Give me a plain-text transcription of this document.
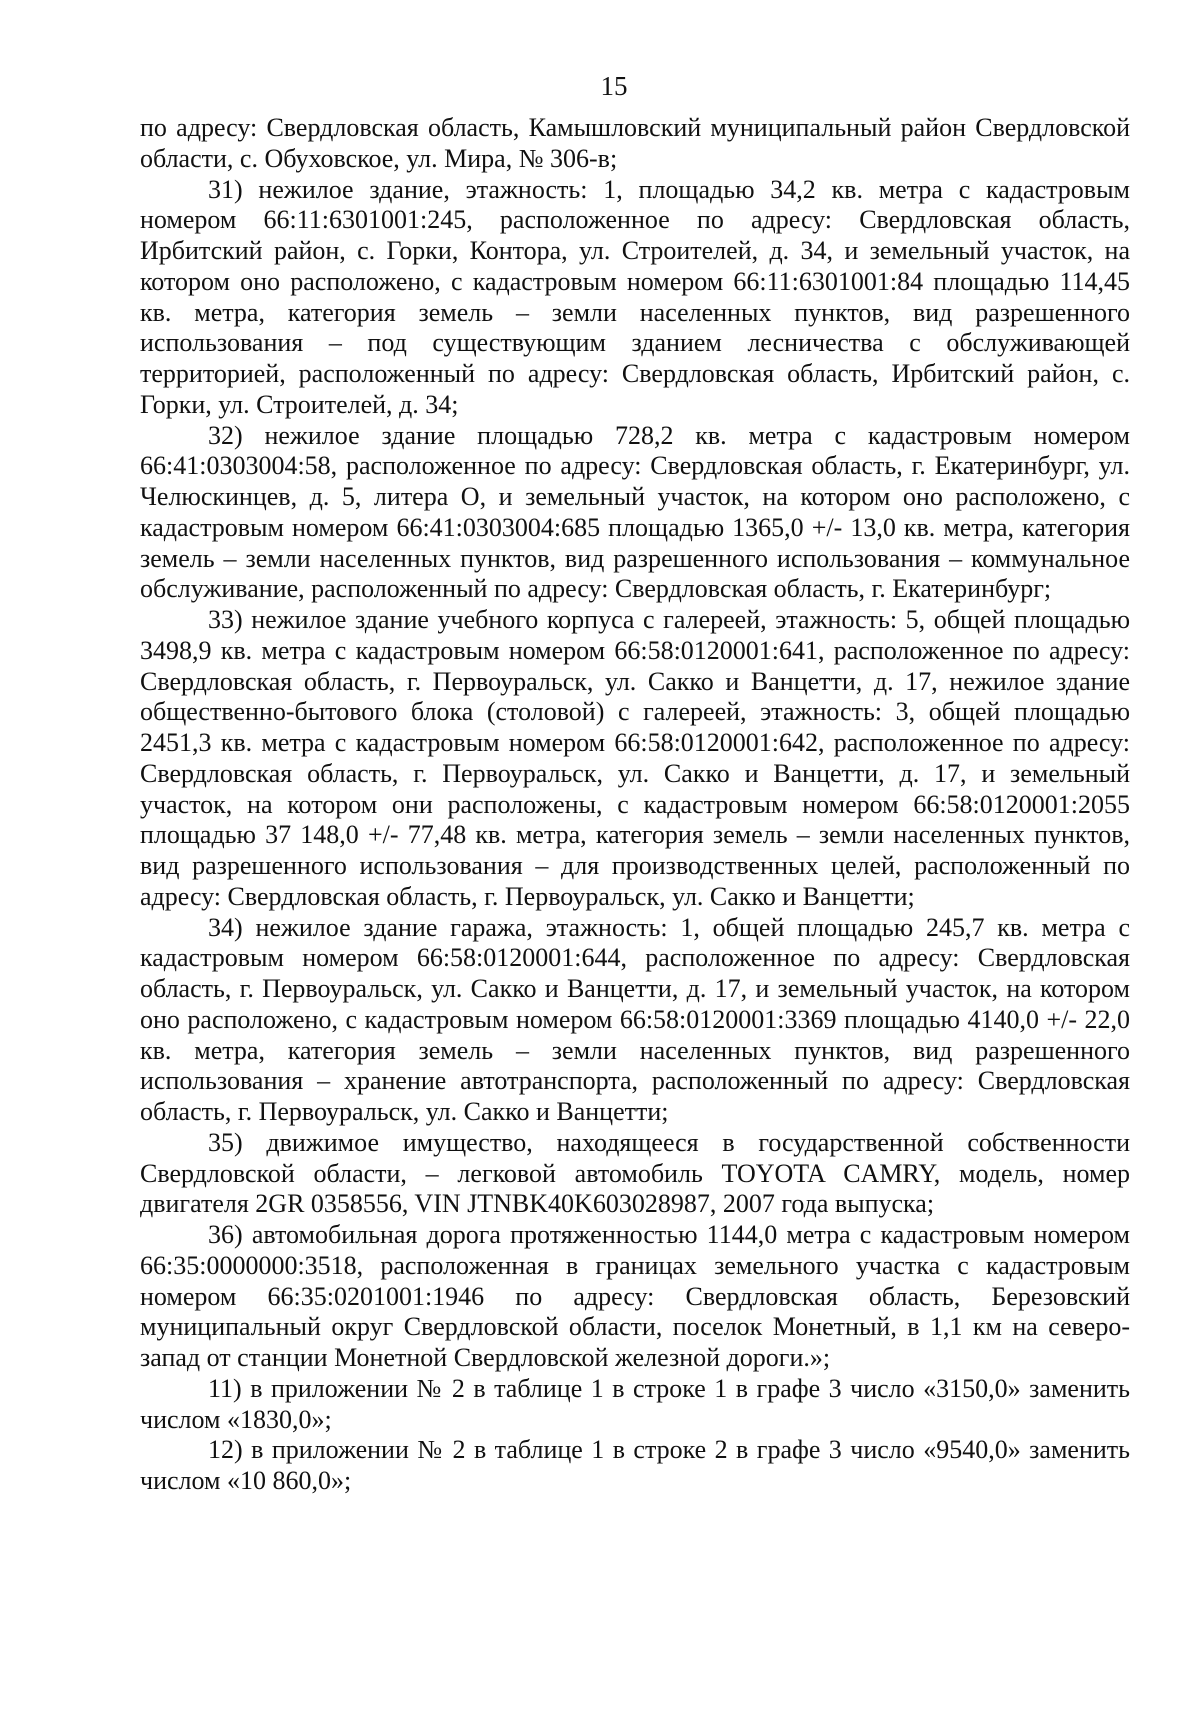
15

по адресу: Свердловская область, Камышловский муниципальный район Свердловской области, с. Обуховское, ул. Мира, № 306-в;

31) нежилое здание, этажность: 1, площадью 34,2 кв. метра с кадастровым номером 66:11:6301001:245, расположенное по адресу: Свердловская область, Ирбитский район, с. Горки, Контора, ул. Строителей, д. 34, и земельный участок, на котором оно расположено, с кадастровым номером 66:11:6301001:84 площадью 114,45 кв. метра, категория земель – земли населенных пунктов, вид разрешенного использования – под существующим зданием лесничества с обслуживающей территорией, расположенный по адресу: Свердловская область, Ирбитский район, с. Горки, ул. Строителей, д. 34;

32) нежилое здание площадью 728,2 кв. метра с кадастровым номером 66:41:0303004:58, расположенное по адресу: Свердловская область, г. Екатеринбург, ул. Челюскинцев, д. 5, литера О, и земельный участок, на котором оно расположено, с кадастровым номером 66:41:0303004:685 площадью 1365,0 +/- 13,0 кв. метра, категория земель – земли населенных пунктов, вид разрешенного использования – коммунальное обслуживание, расположенный по адресу: Свердловская область, г. Екатеринбург;

33) нежилое здание учебного корпуса с галереей, этажность: 5, общей площадью 3498,9 кв. метра с кадастровым номером 66:58:0120001:641, расположенное по адресу: Свердловская область, г. Первоуральск, ул. Сакко и Ванцетти, д. 17, нежилое здание общественно-бытового блока (столовой) с галереей, этажность: 3, общей площадью 2451,3 кв. метра с кадастровым номером 66:58:0120001:642, расположенное по адресу: Свердловская область, г. Первоуральск, ул. Сакко и Ванцетти, д. 17, и земельный участок, на котором они расположены, с кадастровым номером 66:58:0120001:2055 площадью 37 148,0 +/- 77,48 кв. метра, категория земель – земли населенных пунктов, вид разрешенного использования – для производственных целей, расположенный по адресу: Свердловская область, г. Первоуральск, ул. Сакко и Ванцетти;

34) нежилое здание гаража, этажность: 1, общей площадью 245,7 кв. метра с кадастровым номером 66:58:0120001:644, расположенное по адресу: Свердловская область, г. Первоуральск, ул. Сакко и Ванцетти, д. 17, и земельный участок, на котором оно расположено, с кадастровым номером 66:58:0120001:3369 площадью 4140,0 +/- 22,0 кв. метра, категория земель – земли населенных пунктов, вид разрешенного использования – хранение автотранспорта, расположенный по адресу: Свердловская область, г. Первоуральск, ул. Сакко и Ванцетти;

35) движимое имущество, находящееся в государственной собственности Свердловской области, – легковой автомобиль TOYOTA CAMRY, модель, номер двигателя 2GR 0358556, VIN JTNBK40K603028987, 2007 года выпуска;

36) автомобильная дорога протяженностью 1144,0 метра с кадастровым номером 66:35:0000000:3518, расположенная в границах земельного участка с кадастровым номером 66:35:0201001:1946 по адресу: Свердловская область, Березовский муниципальный округ Свердловской области, поселок Монетный, в 1,1 км на северо-запад от станции Монетной Свердловской железной дороги.»;

11) в приложении № 2 в таблице 1 в строке 1 в графе 3 число «3150,0» заменить числом «1830,0»;

12) в приложении № 2 в таблице 1 в строке 2 в графе 3 число «9540,0» заменить числом «10 860,0»;
